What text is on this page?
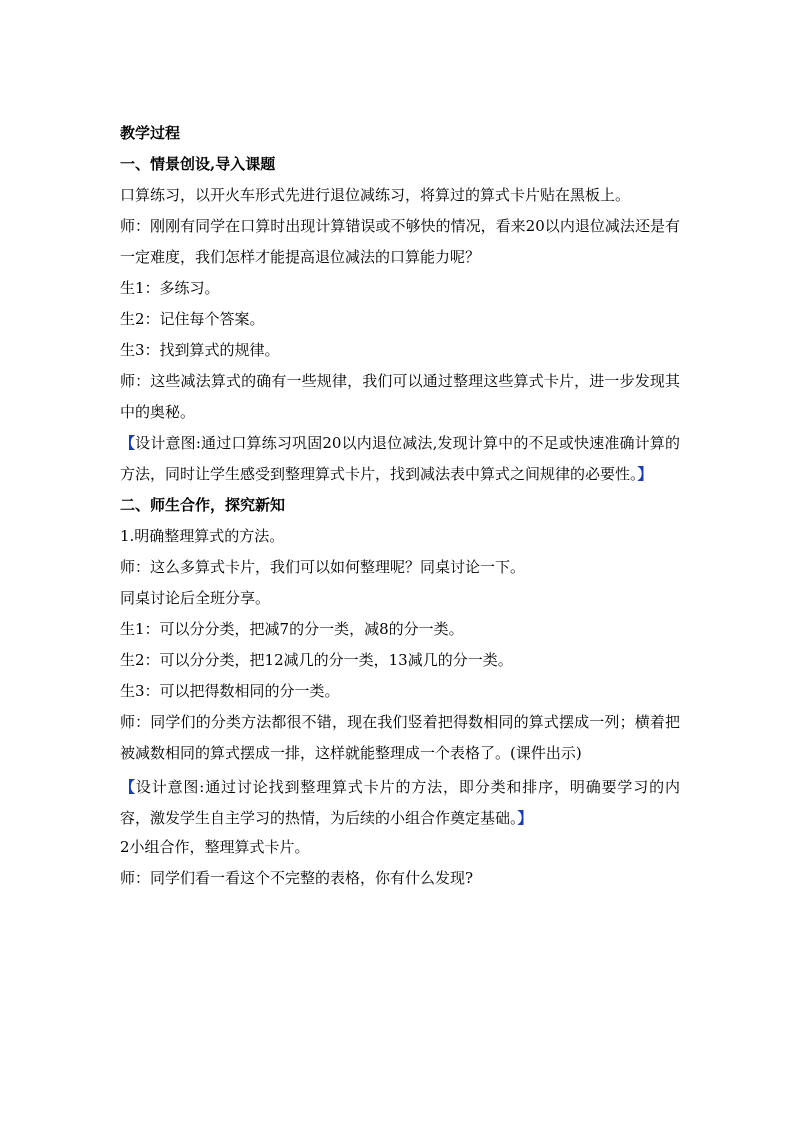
教学过程
一、情景创设,导入课题
口算练习，以开火车形式先进行退位减练习，将算过的算式卡片贴在黑板上。
师：刚刚有同学在口算时出现计算错误或不够快的情况，看来20以内退位减法还是有一定难度，我们怎样才能提高退位减法的口算能力呢？
生1：多练习。
生2：记住每个答案。
生3：找到算式的规律。
师：这些减法算式的确有一些规律，我们可以通过整理这些算式卡片，进一步发现其中的奥秘。
【设计意图:通过口算练习巩固20以内退位减法,发现计算中的不足或快速准确计算的方法，同时让学生感受到整理算式卡片，找到减法表中算式之间规律的必要性。】
二、师生合作，探究新知
1.明确整理算式的方法。
师：这么多算式卡片，我们可以如何整理呢？同桌讨论一下。
同桌讨论后全班分享。
生1：可以分分类，把减7的分一类，减8的分一类。
生2：可以分分类，把12减几的分一类，13减几的分一类。
生3：可以把得数相同的分一类。
师：同学们的分类方法都很不错，现在我们竖着把得数相同的算式摆成一列；横着把被减数相同的算式摆成一排，这样就能整理成一个表格了。(课件出示)
【设计意图:通过讨论找到整理算式卡片的方法，即分类和排序，明确要学习的内容，激发学生自主学习的热情，为后续的小组合作奠定基础。】
2小组合作，整理算式卡片。
师：同学们看一看这个不完整的表格，你有什么发现?
